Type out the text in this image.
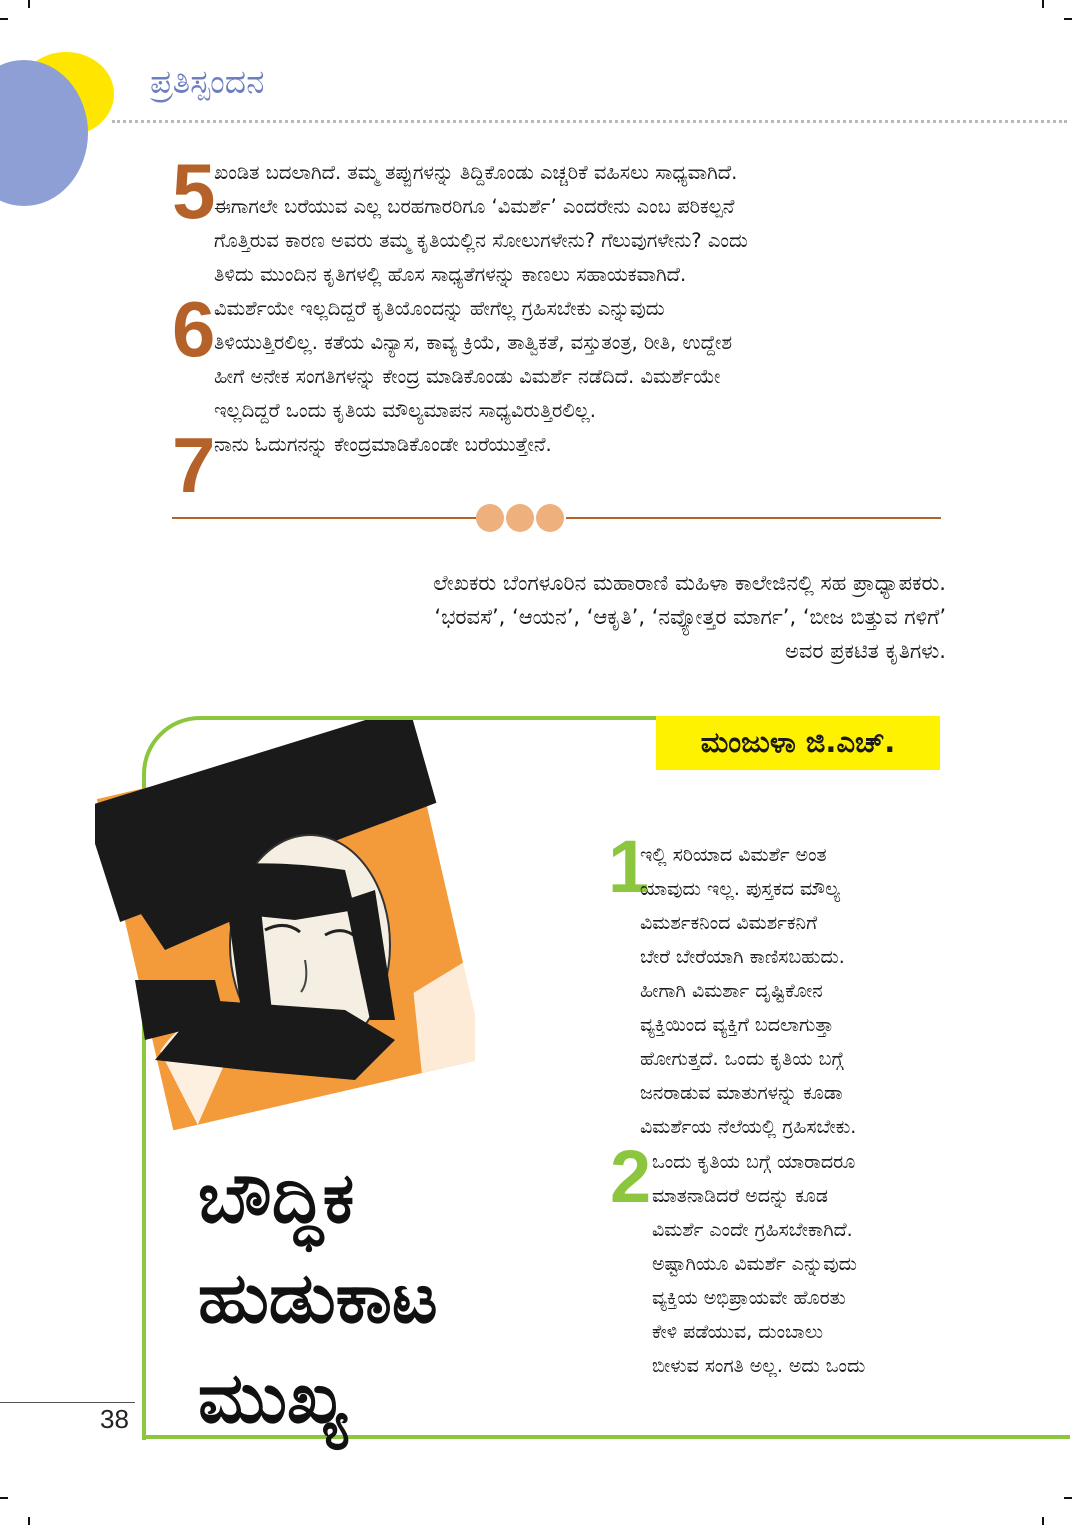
ಪ್ರತಿಸ್ಪಂದನ
5
ಖಂಡಿತ ಬದಲಾಗಿದೆ. ತಮ್ಮ ತಪ್ಪುಗಳನ್ನು ತಿದ್ದಿಕೊಂಡು ಎಚ್ಚರಿಕೆ ವಹಿಸಲು ಸಾಧ್ಯವಾಗಿದೆ.
ಈಗಾಗಲೇ ಬರೆಯುವ ಎಲ್ಲ ಬರಹಗಾರರಿಗೂ ‘ವಿಮರ್ಶೆ’ ಎಂದರೇನು ಎಂಬ ಪರಿಕಲ್ಪನೆ
ಗೊತ್ತಿರುವ ಕಾರಣ ಅವರು ತಮ್ಮ ಕೃತಿಯಲ್ಲಿನ ಸೋಲುಗಳೇನು? ಗೆಲುವುಗಳೇನು? ಎಂದು
ತಿಳಿದು ಮುಂದಿನ ಕೃತಿಗಳಲ್ಲಿ ಹೊಸ ಸಾಧ್ಯತೆಗಳನ್ನು ಕಾಣಲು ಸಹಾಯಕವಾಗಿದೆ.
6
ವಿಮರ್ಶೆಯೇ ಇಲ್ಲದಿದ್ದರೆ ಕೃತಿಯೊಂದನ್ನು ಹೇಗೆಲ್ಲ ಗ್ರಹಿಸಬೇಕು ಎನ್ನುವುದು
ತಿಳಿಯುತ್ತಿರಲಿಲ್ಲ. ಕತೆಯ ವಿನ್ಯಾಸ, ಕಾವ್ಯ ಕ್ರಿಯೆ, ತಾತ್ವಿಕತೆ, ವಸ್ತುತಂತ್ರ, ರೀತಿ, ಉದ್ದೇಶ
ಹೀಗೆ ಅನೇಕ ಸಂಗತಿಗಳನ್ನು ಕೇಂದ್ರ ಮಾಡಿಕೊಂಡು ವಿಮರ್ಶೆ ನಡೆದಿದೆ. ವಿಮರ್ಶೆಯೇ
ಇಲ್ಲದಿದ್ದರೆ ಒಂದು ಕೃತಿಯ ಮೌಲ್ಯಮಾಪನ ಸಾಧ್ಯವಿರುತ್ತಿರಲಿಲ್ಲ.
7
ನಾನು ಓದುಗನನ್ನು ಕೇಂದ್ರಮಾಡಿಕೊಂಡೇ ಬರೆಯುತ್ತೇನೆ.
ಲೇಖಕರು ಬೆಂಗಳೂರಿನ ಮಹಾರಾಣಿ ಮಹಿಳಾ ಕಾಲೇಜಿನಲ್ಲಿ ಸಹ ಪ್ರಾಧ್ಯಾಪಕರು.
‘ಭರವಸೆ’, ‘ಆಯನ’, ‘ಆಕೃತಿ’, ‘ನವ್ಯೋತ್ತರ ಮಾರ್ಗ’, ‘ಬೀಜ ಬಿತ್ತುವ ಗಳಿಗೆ’
ಅವರ ಪ್ರಕಟಿತ ಕೃತಿಗಳು.
ಮಂಜುಳಾ ಜಿ.ಎಚ್.
ಬೌದ್ಧಿಕ
ಹುಡುಕಾಟ
ಮುಖ್ಯ
1
ಇಲ್ಲಿ ಸರಿಯಾದ ವಿಮರ್ಶೆ ಅಂತ
ಯಾವುದು ಇಲ್ಲ. ಪುಸ್ತಕದ ಮೌಲ್ಯ
ವಿಮರ್ಶಕನಿಂದ ವಿಮರ್ಶಕನಿಗೆ
ಬೇರೆ ಬೇರೆಯಾಗಿ ಕಾಣಿಸಬಹುದು.
ಹೀಗಾಗಿ ವಿಮರ್ಶಾ ದೃಷ್ಟಿಕೋನ
ವ್ಯಕ್ತಿಯಿಂದ ವ್ಯಕ್ತಿಗೆ ಬದಲಾಗುತ್ತಾ
ಹೋಗುತ್ತದೆ. ಒಂದು ಕೃತಿಯ ಬಗ್ಗೆ
ಜನರಾಡುವ ಮಾತುಗಳನ್ನು ಕೂಡಾ
ವಿಮರ್ಶೆಯ ನೆಲೆಯಲ್ಲಿ ಗ್ರಹಿಸಬೇಕು.
2 ಒಂದು ಕೃತಿಯ ಬಗ್ಗೆ ಯಾರಾದರೂ
ಮಾತನಾಡಿದರೆ ಅದನ್ನು ಕೂಡ
ವಿಮರ್ಶೆ ಎಂದೇ ಗ್ರಹಿಸಬೇಕಾಗಿದೆ.
ಅಷ್ಟಾಗಿಯೂ ವಿಮರ್ಶೆ ಎನ್ನುವುದು
ವ್ಯಕ್ತಿಯ ಅಭಿಪ್ರಾಯವೇ ಹೊರತು
ಕೇಳಿ ಪಡೆಯುವ, ದುಂಬಾಲು
ಬೀಳುವ ಸಂಗತಿ ಅಲ್ಲ. ಅದು ಒಂದು
38
